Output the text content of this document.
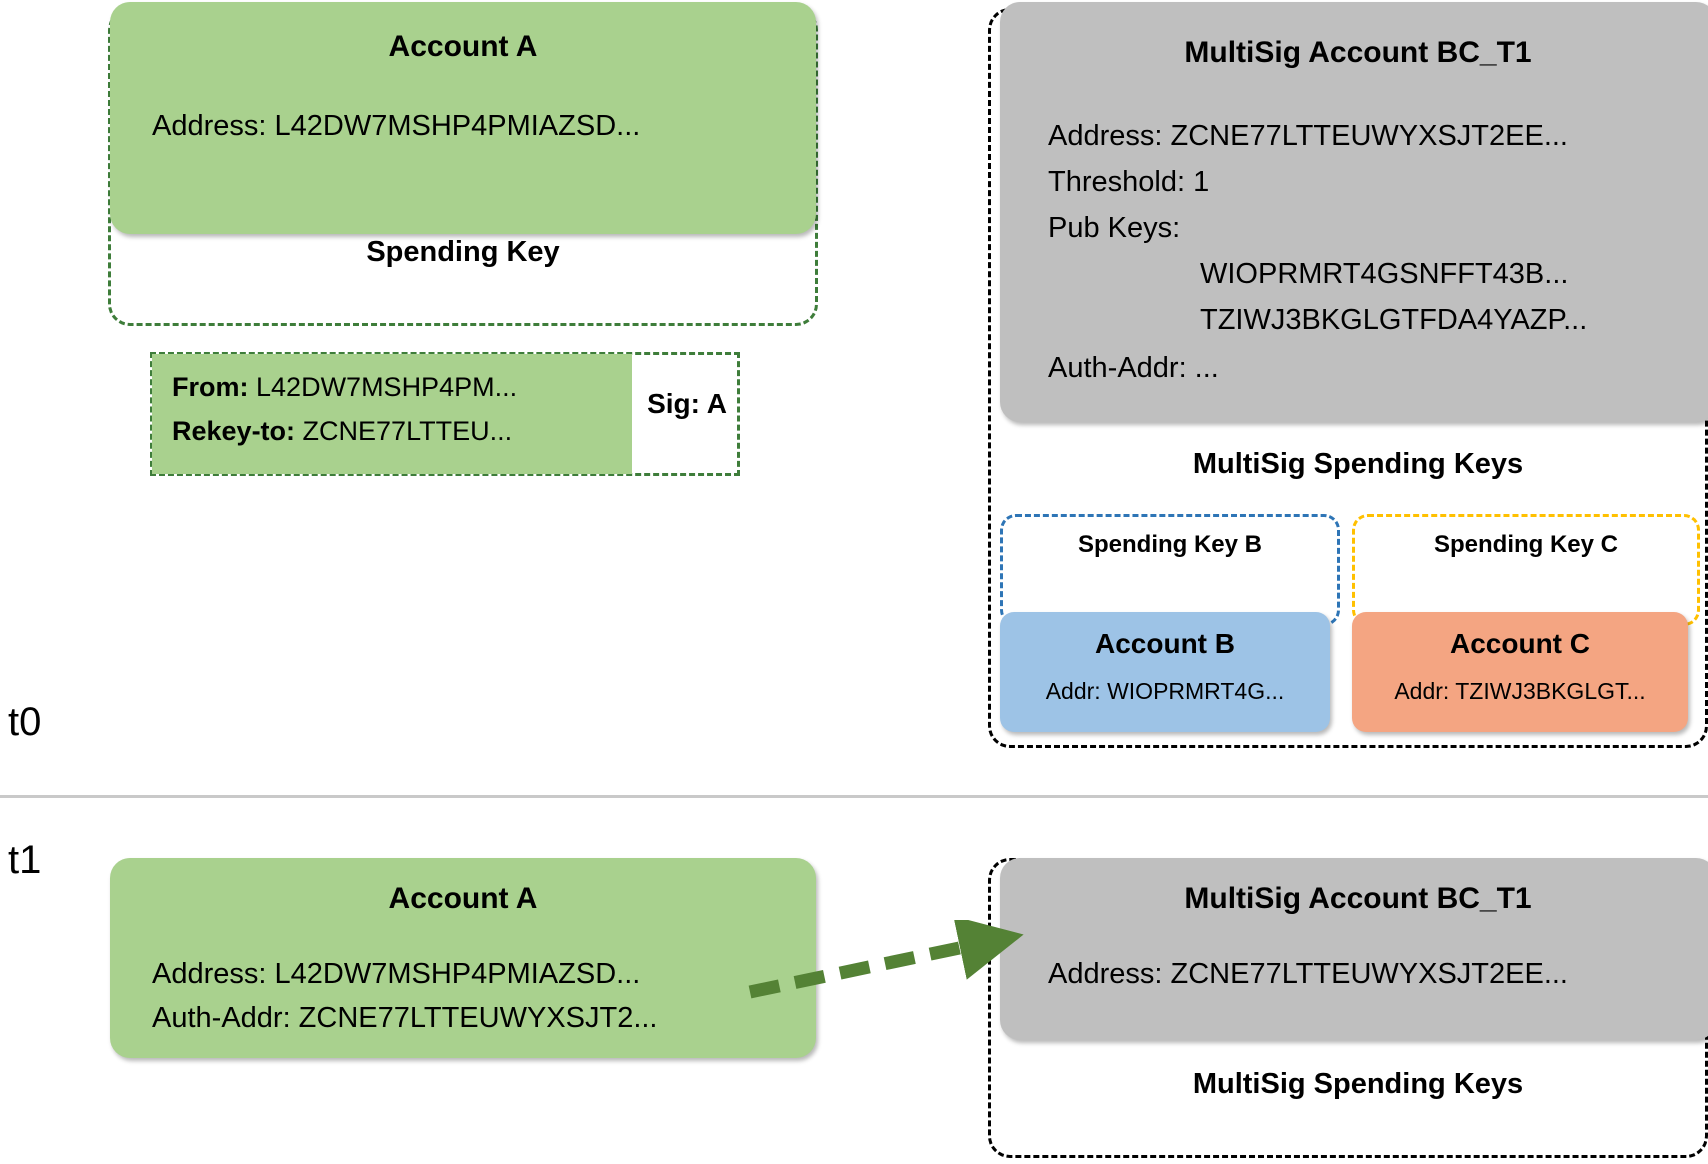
t0
t1
Account A
Address: L42DW7MSHP4PMIAZSD...
Spending Key
From: L42DW7MSHP4PM...
Rekey-to: ZCNE77LTTEU...
Sig: A
MultiSig Account BC_T1
Address: ZCNE77LTTEUWYXSJT2EE...
Threshold: 1
Pub Keys:
WIOPRMRT4GSNFFT43B...
TZIWJ3BKGLGTFDA4YAZP...
Auth-Addr: ...
MultiSig Spending Keys
Spending Key B	Spending Key C
Account B
Addr: WIOPRMRT4G...
Account C
Addr: TZIWJ3BKGLGT...
Account A
Address: L42DW7MSHP4PMIAZSD...
Auth-Addr: ZCNE77LTTEUWYXSJT2...
MultiSig Account BC_T1
Address: ZCNE77LTTEUWYXSJT2EE...
MultiSig Spending Keys
